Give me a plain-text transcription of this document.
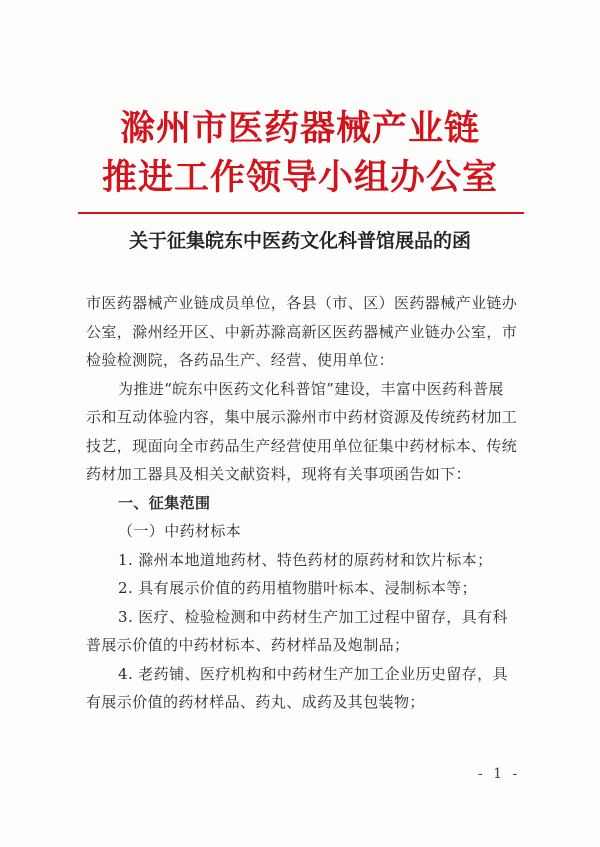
滁州市医药器械产业链
推进工作领导小组办公室
关于征集皖东中医药文化科普馆展品的函
市医药器械产业链成员单位，各县（市、区）医药器械产业链办
公室，滁州经开区、中新苏滁高新区医药器械产业链办公室，市
检验检测院，各药品生产、经营、使用单位：
为推进“皖东中医药文化科普馆”建设，丰富中医药科普展
示和互动体验内容，集中展示滁州市中药材资源及传统药材加工
技艺，现面向全市药品生产经营使用单位征集中药材标本、传统
药材加工器具及相关文献资料，现将有关事项函告如下：
一、征集范围
（一）中药材标本
1. 滁州本地道地药材、特色药材的原药材和饮片标本；
2. 具有展示价值的药用植物腊叶标本、浸制标本等；
3. 医疗、检验检测和中药材生产加工过程中留存，具有科
普展示价值的中药材标本、药材样品及炮制品；
4. 老药铺、医疗机构和中药材生产加工企业历史留存，具
有展示价值的药材样品、药丸、成药及其包装物；
- 1 -
